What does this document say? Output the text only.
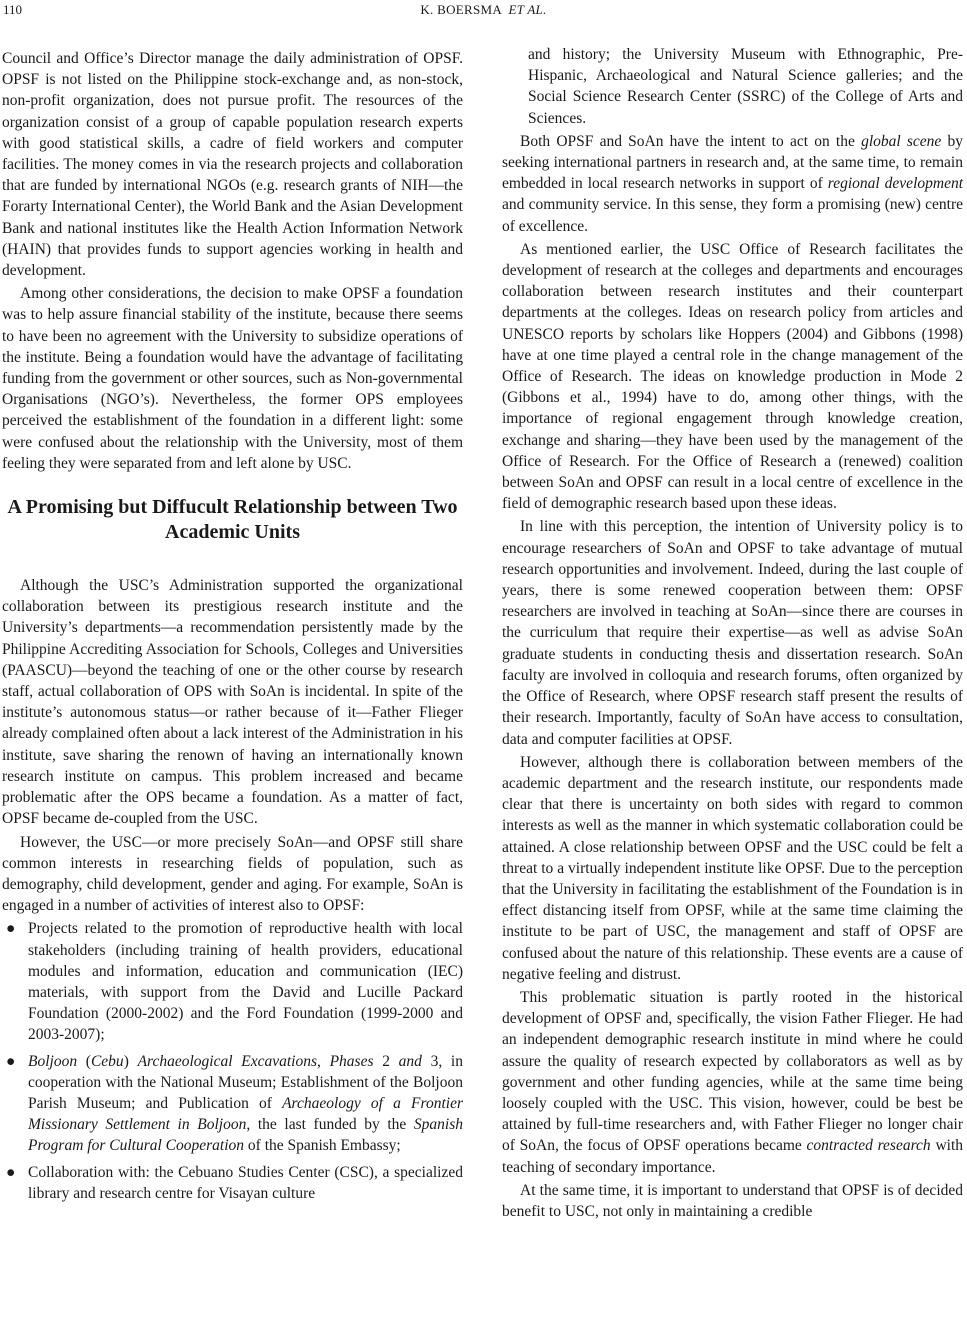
110	K. BOERSMA ET AL.

Council and Office’s Director manage the daily administration of OPSF. OPSF is not listed on the Philippine stock-exchange and, as non-stock, non-profit organization, does not pursue profit. The resources of the organization consist of a group of capable population research experts with good statistical skills, a cadre of field workers and computer facilities. The money comes in via the research projects and collaboration that are funded by international NGOs (e.g. research grants of NIH—the Forarty International Center), the World Bank and the Asian Development Bank and national institutes like the Health Action Information Network (HAIN) that provides funds to support agencies working in health and development.

Among other considerations, the decision to make OPSF a foundation was to help assure financial stability of the institute, because there seems to have been no agreement with the University to subsidize operations of the institute. Being a foundation would have the advantage of facilitating funding from the government or other sources, such as Non-governmental Organisations (NGO’s). Nevertheless, the former OPS employees perceived the establishment of the foundation in a different light: some were confused about the relationship with the University, most of them feeling they were separated from and left alone by USC.

A Promising but Diffucult Relationship between Two Academic Units

Although the USC’s Administration supported the organizational collaboration between its prestigious research institute and the University’s departments—a recommendation persistently made by the Philippine Accrediting Association for Schools, Colleges and Universities (PAASCU)—beyond the teaching of one or the other course by research staff, actual collaboration of OPS with SoAn is incidental. In spite of the institute’s autonomous status—or rather because of it—Father Flieger already complained often about a lack interest of the Administration in his institute, save sharing the renown of having an internationally known research institute on campus. This problem increased and became problematic after the OPS became a foundation. As a matter of fact, OPSF became de-coupled from the USC.

However, the USC—or more precisely SoAn—and OPSF still share common interests in researching fields of population, such as demography, child development, gender and aging. For example, SoAn is engaged in a number of activities of interest also to OPSF:

● Projects related to the promotion of reproductive health with local stakeholders (including training of health providers, educational modules and information, education and communication (IEC) materials, with support from the David and Lucille Packard Foundation (2000-2002) and the Ford Foundation (1999-2000 and 2003-2007);
● Boljoon (Cebu) Archaeological Excavations, Phases 2 and 3, in cooperation with the National Museum; Establishment of the Boljoon Parish Museum; and Publication of Archaeology of a Frontier Missionary Settlement in Boljoon, the last funded by the Spanish Program for Cultural Cooperation of the Spanish Embassy;
● Collaboration with: the Cebuano Studies Center (CSC), a specialized library and research centre for Visayan culture
and history; the University Museum with Ethnographic, Pre-Hispanic, Archaeological and Natural Science galleries; and the Social Science Research Center (SSRC) of the College of Arts and Sciences.

Both OPSF and SoAn have the intent to act on the global scene by seeking international partners in research and, at the same time, to remain embedded in local research networks in support of regional development and community service. In this sense, they form a promising (new) centre of excellence.

As mentioned earlier, the USC Office of Research facilitates the development of research at the colleges and departments and encourages collaboration between research institutes and their counterpart departments at the colleges. Ideas on research policy from articles and UNESCO reports by scholars like Hoppers (2004) and Gibbons (1998) have at one time played a central role in the change management of the Office of Research. The ideas on knowledge production in Mode 2 (Gibbons et al., 1994) have to do, among other things, with the importance of regional engagement through knowledge creation, exchange and sharing—they have been used by the management of the Office of Research. For the Office of Research a (renewed) coalition between SoAn and OPSF can result in a local centre of excellence in the field of demographic research based upon these ideas.

In line with this perception, the intention of University policy is to encourage researchers of SoAn and OPSF to take advantage of mutual research opportunities and involvement. Indeed, during the last couple of years, there is some renewed cooperation between them: OPSF researchers are involved in teaching at SoAn—since there are courses in the curriculum that require their expertise—as well as advise SoAn graduate students in conducting thesis and dissertation research. SoAn faculty are involved in colloquia and research forums, often organized by the Office of Research, where OPSF research staff present the results of their research. Importantly, faculty of SoAn have access to consultation, data and computer facilities at OPSF.

However, although there is collaboration between members of the academic department and the research institute, our respondents made clear that there is uncertainty on both sides with regard to common interests as well as the manner in which systematic collaboration could be attained. A close relationship between OPSF and the USC could be felt a threat to a virtually independent institute like OPSF. Due to the perception that the University in facilitating the establishment of the Foundation is in effect distancing itself from OPSF, while at the same time claiming the institute to be part of USC, the management and staff of OPSF are confused about the nature of this relationship. These events are a cause of negative feeling and distrust.

This problematic situation is partly rooted in the historical development of OPSF and, specifically, the vision Father Flieger. He had an independent demographic research institute in mind where he could assure the quality of research expected by collaborators as well as by government and other funding agencies, while at the same time being loosely coupled with the USC. This vision, however, could be best be attained by full-time researchers and, with Father Flieger no longer chair of SoAn, the focus of OPSF operations became contracted research with teaching of secondary importance.

At the same time, it is important to understand that OPSF is of decided benefit to USC, not only in maintaining a credible
